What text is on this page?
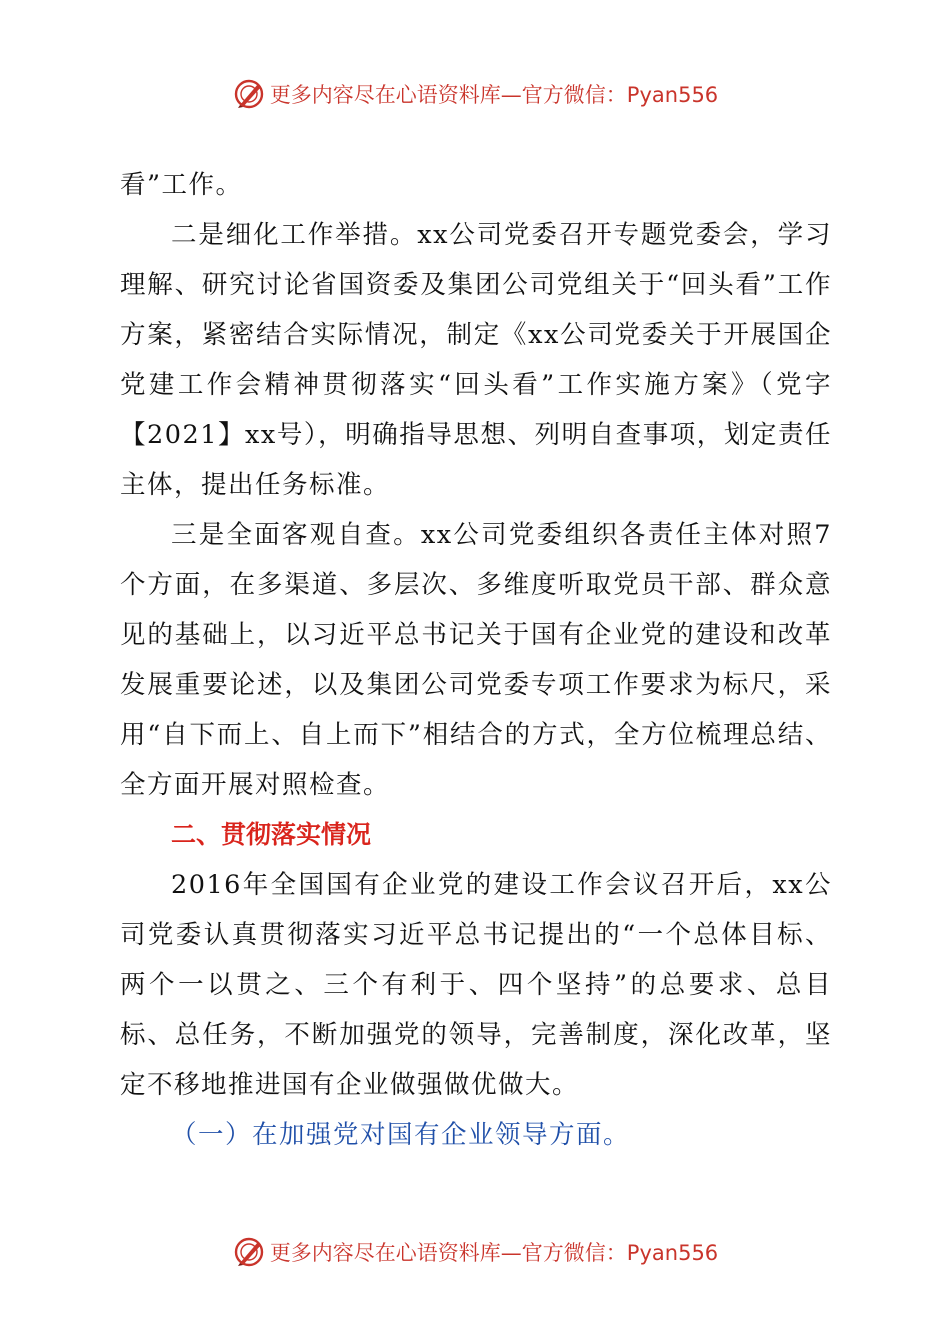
更多内容尽在心语资料库—官方微信：Pyan556

看”工作。

二是细化工作举措。xx公司党委召开专题党委会，学习理解、研究讨论省国资委及集团公司党组关于“回头看”工作方案，紧密结合实际情况，制定《xx公司党委关于开展国企党建工作会精神贯彻落实“回头看”工作实施方案》（党字【2021】xx号），明确指导思想、列明自查事项，划定责任主体，提出任务标准。

三是全面客观自查。xx公司党委组织各责任主体对照7个方面，在多渠道、多层次、多维度听取党员干部、群众意见的基础上，以习近平总书记关于国有企业党的建设和改革发展重要论述，以及集团公司党委专项工作要求为标尺，采用“自下而上、自上而下”相结合的方式，全方位梳理总结、全方面开展对照检查。

二、贯彻落实情况

2016年全国国有企业党的建设工作会议召开后，xx公司党委认真贯彻落实习近平总书记提出的“一个总体目标、两个一以贯之、三个有利于、四个坚持”的总要求、总目标、总任务，不断加强党的领导，完善制度，深化改革，坚定不移地推进国有企业做强做优做大。

（一）在加强党对国有企业领导方面。

更多内容尽在心语资料库—官方微信：Pyan556
